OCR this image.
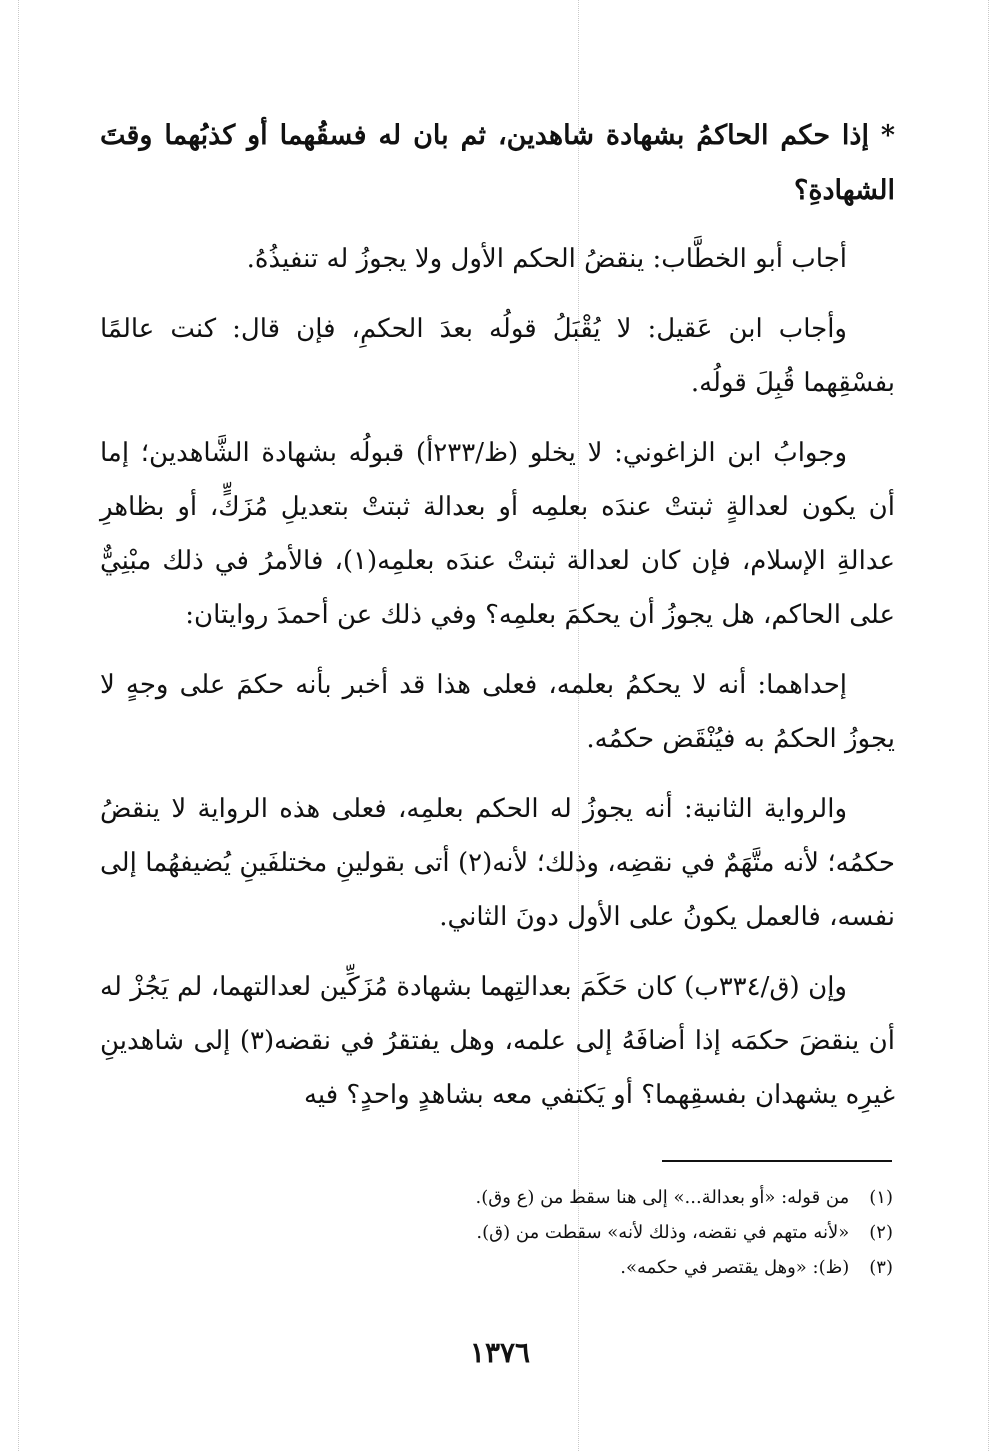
* إذا حكم الحاكمُ بشهادة شاهدين، ثم بان له فسقُهما أو كذبُهما وقتَ الشهادةِ؟

أجاب أبو الخطَّاب: ينقضُ الحكم الأول ولا يجوزُ له تنفيذُهُ.

وأجاب ابن عَقيل: لا يُقْبَلُ قولُه بعدَ الحكمِ، فإن قال: كنت عالمًا بفسْقِهما قُبِلَ قولُه.

وجوابُ ابن الزاغوني: لا يخلو (ظ/٢٣٣أ) قبولُه بشهادة الشَّاهدين؛ إما أن يكون لعدالةٍ ثبتتْ عندَه بعلمِه أو بعدالة ثبتتْ بتعديلِ مُزَكٍّ، أو بظاهرِ عدالةِ الإسلام، فإن كان لعدالة ثبتتْ عندَه بعلمِه(١)، فالأمرُ في ذلك مبْنِيٌّ على الحاكم، هل يجوزُ أن يحكمَ بعلمِه؟ وفي ذلك عن أحمدَ روايتان:

إحداهما: أنه لا يحكمُ بعلمه، فعلى هذا قد أخبر بأنه حكمَ على وجهٍ لا يجوزُ الحكمُ به فيُنْقَض حكمُه.

والرواية الثانية: أنه يجوزُ له الحكم بعلمِه، فعلى هذه الرواية لا ينقضُ حكمُه؛ لأنه متَّهَمٌ في نقضِه، وذلك؛ لأنه(٢) أتى بقولينِ مختلفَينِ يُضيفهُما إلى نفسه، فالعمل يكونُ على الأول دونَ الثاني.

وإن (ق/٣٣٤ب) كان حَكَمَ بعدالتِهما بشهادة مُزَكِّين لعدالتهما، لم يَجُزْ له أن ينقضَ حكمَه إذا أضافَهُ إلى علمه، وهل يفتقرُ في نقضه(٣) إلى شاهدينِ غيرِه يشهدان بفسقِهما؟ أو يَكتفي معه بشاهدٍ واحدٍ؟ فيه

(١) من قوله: «أو بعدالة...» إلى هنا سقط من (ع وق).
(٢) «لأنه متهم في نقضه، وذلك لأنه» سقطت من (ق).
(٣) (ظ): «وهل يقتصر في حكمه».
١٣٧٦
